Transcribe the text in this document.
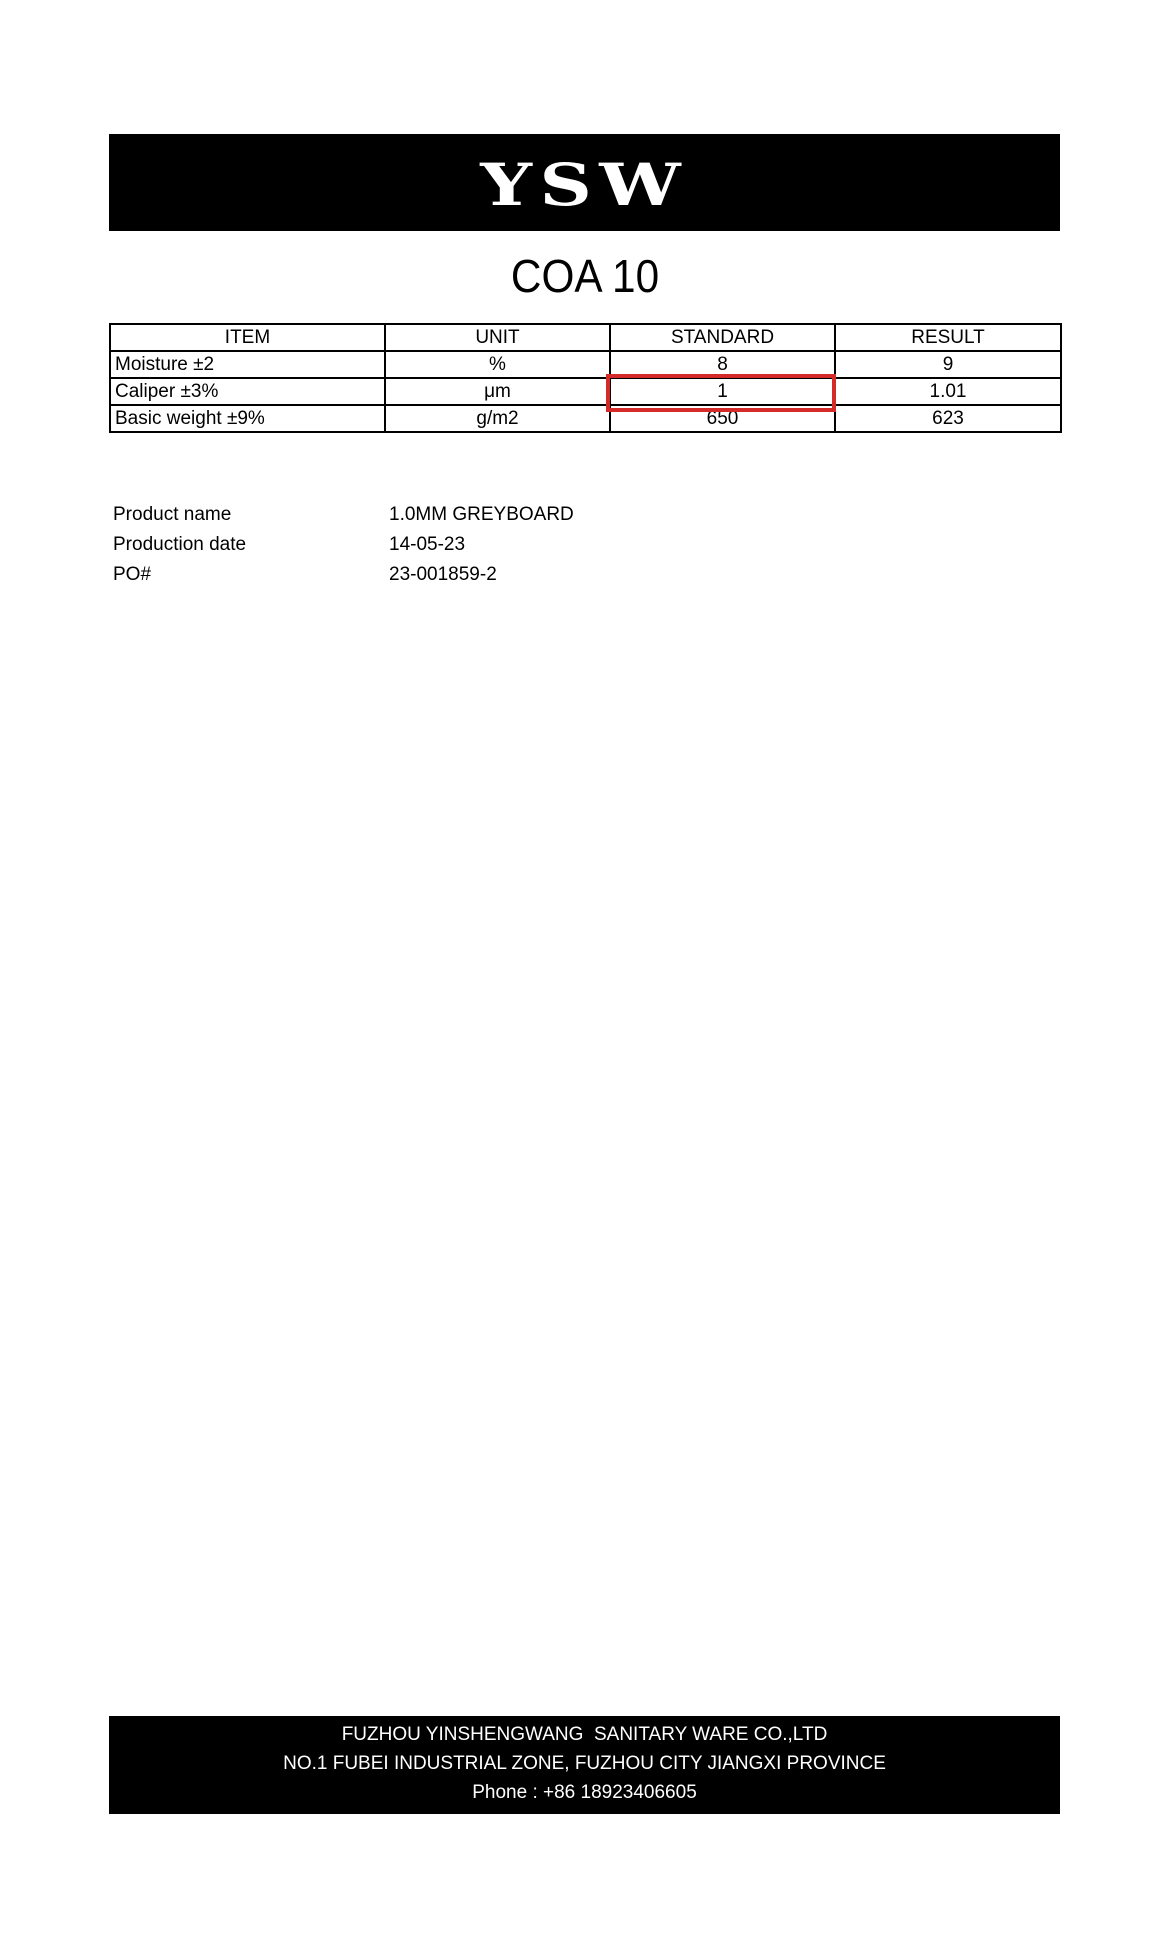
YSW
COA 10
ITEM	UNIT	STANDARD	RESULT
Moisture ±2	%	8	9
Caliper ±3%	μm	1	1.01
Basic weight ±9%	g/m2	650	623
Product name	1.0MM GREYBOARD
Production date	14-05-23
PO#	23-001859-2
FUZHOU YINSHENGWANG  SANITARY WARE CO.,LTD
NO.1 FUBEI INDUSTRIAL ZONE, FUZHOU CITY JIANGXI PROVINCE
Phone : +86 18923406605
